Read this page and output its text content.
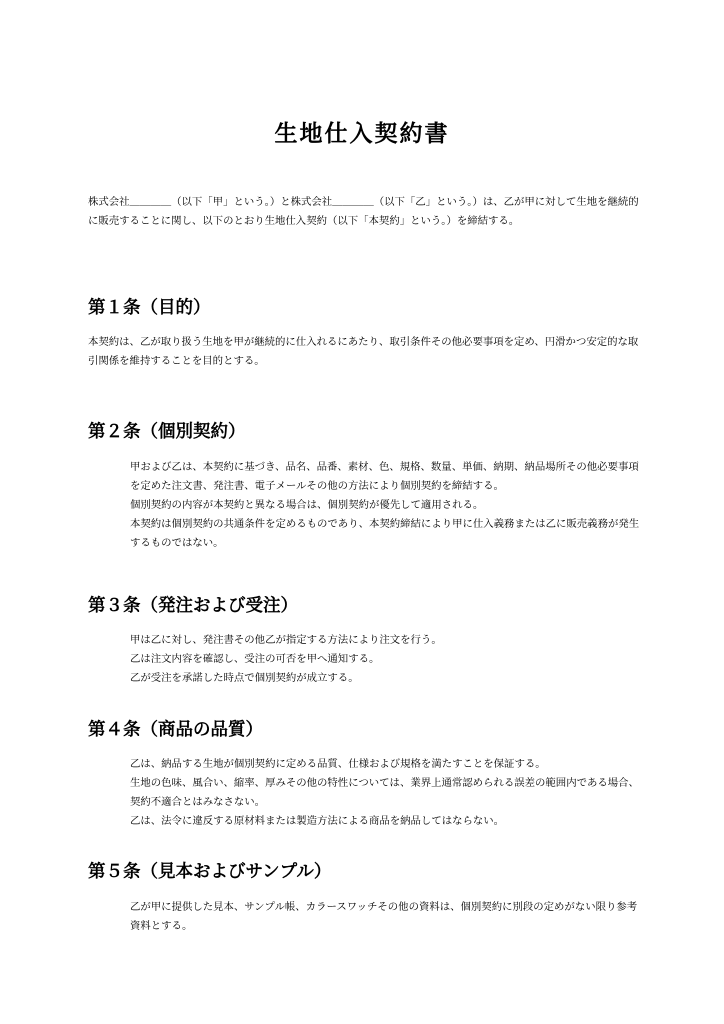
生地仕入契約書
株式会社＿＿＿＿（以下「甲」という。）と株式会社＿＿＿＿（以下「乙」という。）は、乙が甲に対して生地を継続的に販売することに関し、以下のとおり生地仕入契約（以下「本契約」という。）を締結する。
第１条（目的）
本契約は、乙が取り扱う生地を甲が継続的に仕入れるにあたり、取引条件その他必要事項を定め、円滑かつ安定的な取引関係を維持することを目的とする。
第２条（個別契約）
甲および乙は、本契約に基づき、品名、品番、素材、色、規格、数量、単価、納期、納品場所その他必要事項を定めた注文書、発注書、電子メールその他の方法により個別契約を締結する。
個別契約の内容が本契約と異なる場合は、個別契約が優先して適用される。
本契約は個別契約の共通条件を定めるものであり、本契約締結により甲に仕入義務または乙に販売義務が発生するものではない。
第３条（発注および受注）
甲は乙に対し、発注書その他乙が指定する方法により注文を行う。
乙は注文内容を確認し、受注の可否を甲へ通知する。
乙が受注を承諾した時点で個別契約が成立する。
第４条（商品の品質）
乙は、納品する生地が個別契約に定める品質、仕様および規格を満たすことを保証する。
生地の色味、風合い、縮率、厚みその他の特性については、業界上通常認められる誤差の範囲内である場合、契約不適合とはみなさない。
乙は、法令に違反する原材料または製造方法による商品を納品してはならない。
第５条（見本およびサンプル）
乙が甲に提供した見本、サンプル帳、カラースワッチその他の資料は、個別契約に別段の定めがない限り参考資料とする。
